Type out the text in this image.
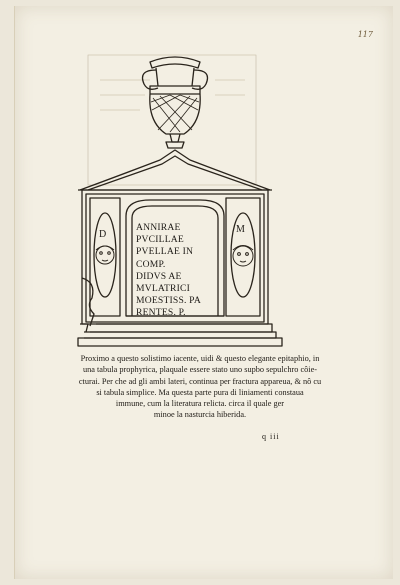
117
D	M
ANNIRAE
PVCILLAE
PVELLAE IN
COMP.
DIDVS AE
MVLATRICI
MOESTISS. PA
RENTES. P.
Proximo a questo solistimo iacente, uidi & questo elegante epitaphio, in
una tabula prophyrica, plaquale essere stato uno supbo sepulchro côie-
cturai. Per che ad gli ambi lateri, continua per fractura appareua, & nô cu
si tabula simplice. Ma questa parte pura di liniamenti constaua
immune, cum la literatura relicta. circa il quale ger
minoe la nasturcia hiberida.
q iii
